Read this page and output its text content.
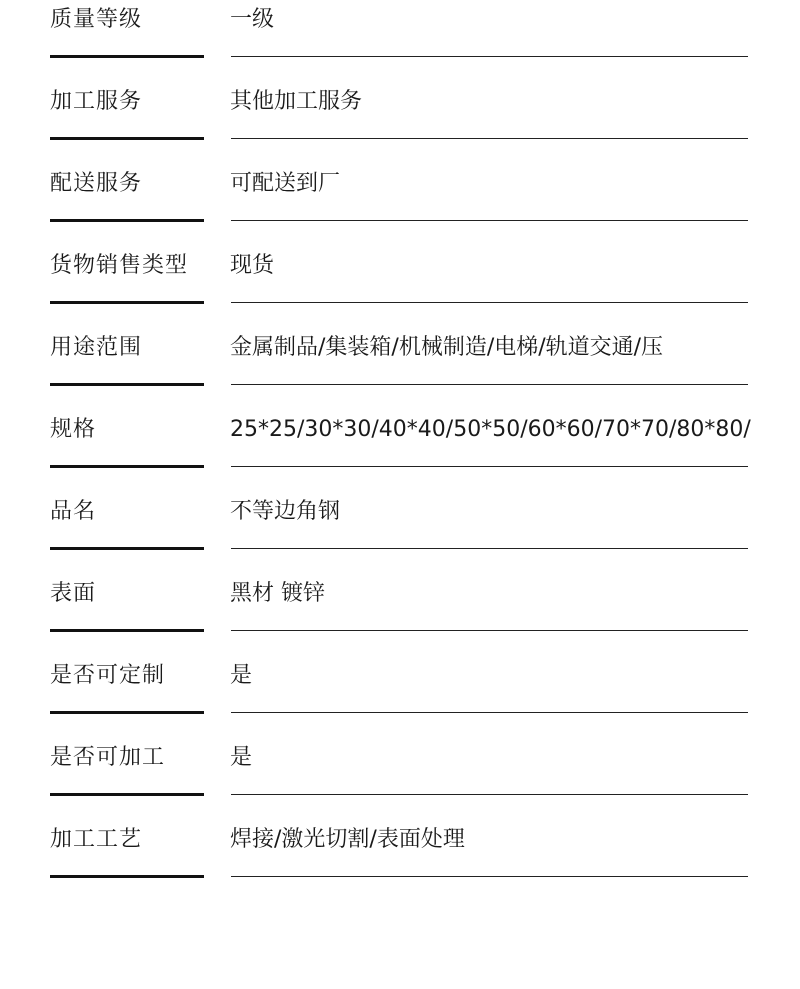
质量等级	一级
加工服务	其他加工服务
配送服务	可配送到厂
货物销售类型	现货
用途范围	金属制品/集装箱/机械制造/电梯/轨道交通/压
规格	25*25/30*30/40*40/50*50/60*60/70*70/80*80/
品名	不等边角钢
表面	黑材 镀锌
是否可定制	是
是否可加工	是
加工工艺	焊接/激光切割/表面处理
